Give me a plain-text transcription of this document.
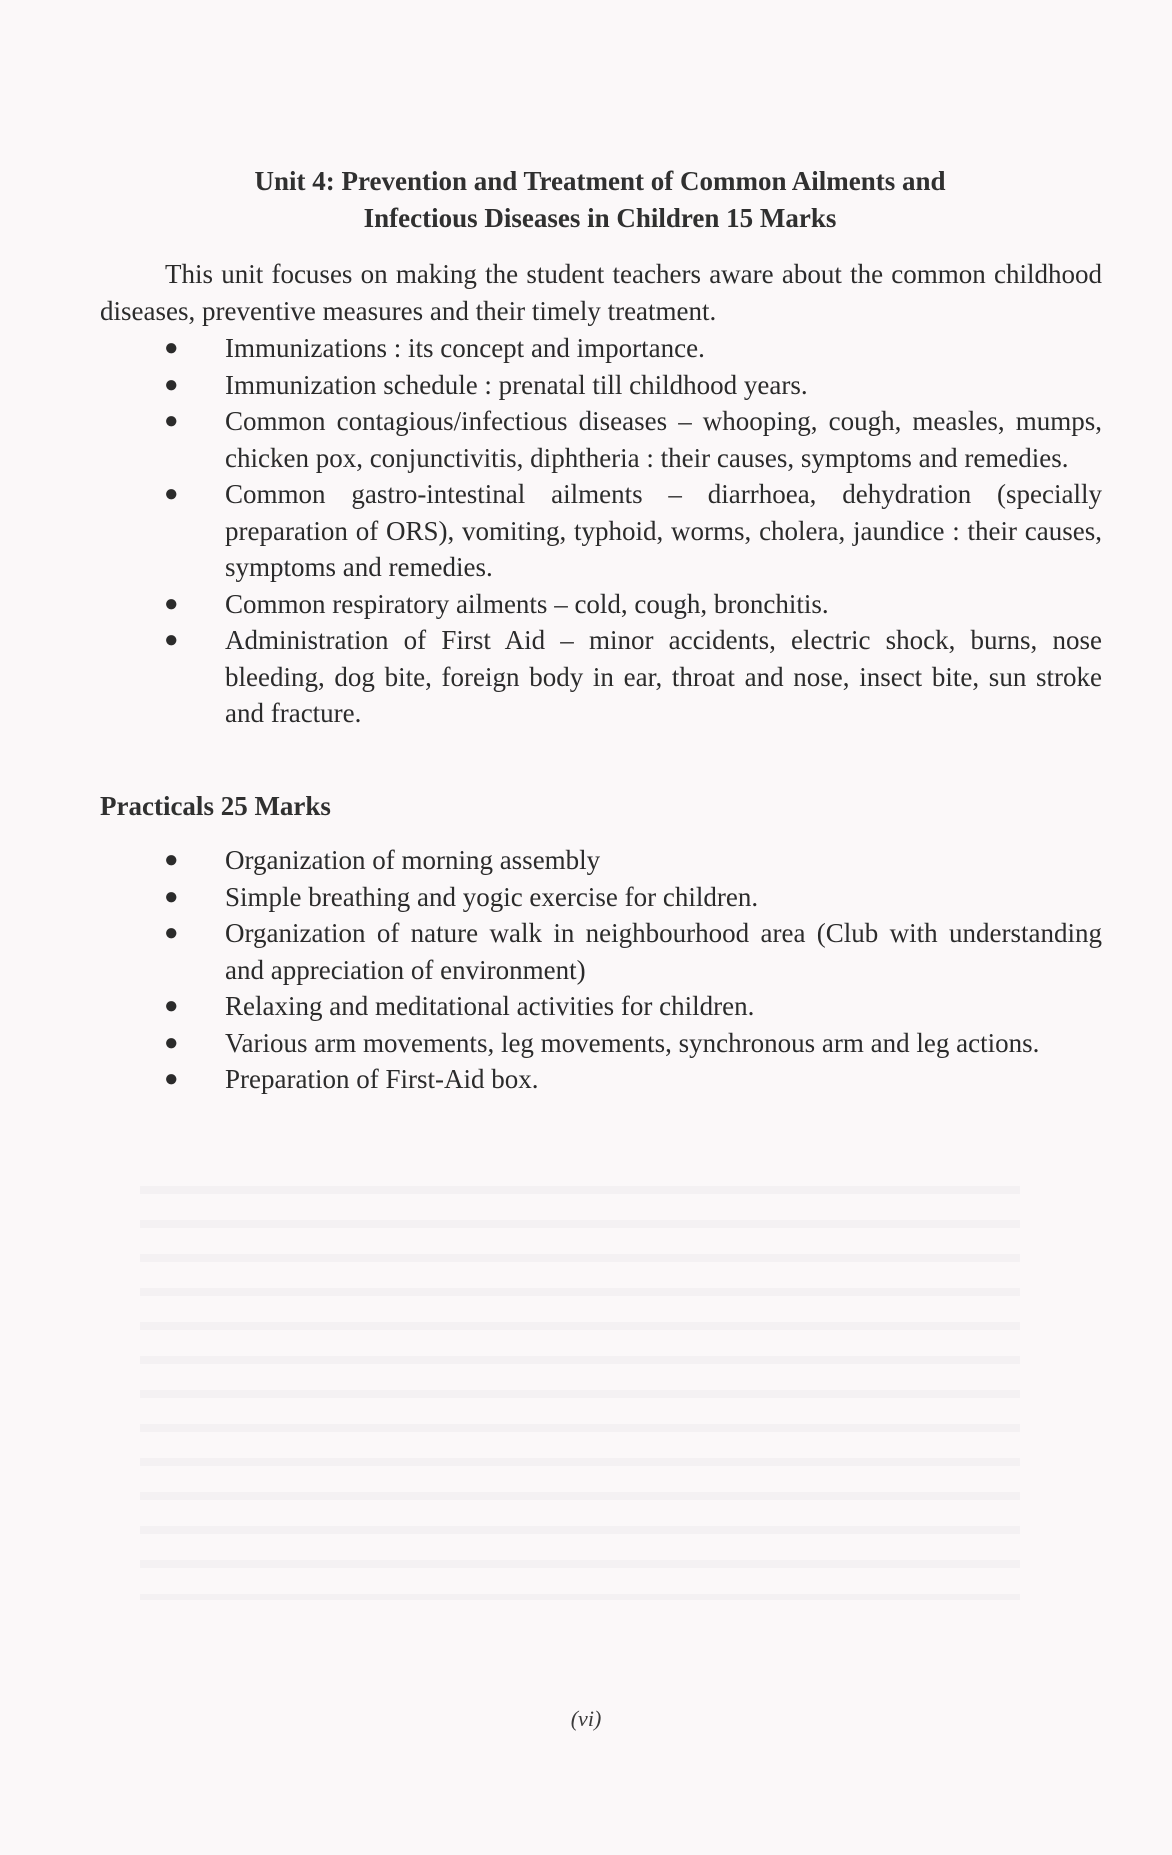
Unit 4: Prevention and Treatment of Common Ailments and
Infectious Diseases in Children 15 Marks
This unit focuses on making the student teachers aware about the common childhood diseases, preventive measures and their timely treatment.
● Immunizations : its concept and importance.
● Immunization schedule : prenatal till childhood years.
● Common contagious/infectious diseases – whooping, cough, measles, mumps, chicken pox, conjunctivitis, diphtheria : their causes, symptoms and remedies.
● Common gastro-intestinal ailments – diarrhoea, dehydration (specially preparation of ORS), vomiting, typhoid, worms, cholera, jaundice : their causes, symptoms and remedies.
● Common respiratory ailments – cold, cough, bronchitis.
● Administration of First Aid – minor accidents, electric shock, burns, nose bleeding, dog bite, foreign body in ear, throat and nose, insect bite, sun stroke and fracture.
Practicals 25 Marks
● Organization of morning assembly
● Simple breathing and yogic exercise for children.
● Organization of nature walk in neighbourhood area (Club with understanding and appreciation of environment)
● Relaxing and meditational activities for children.
● Various arm movements, leg movements, synchronous arm and leg actions.
● Preparation of First-Aid box.
(vi)
